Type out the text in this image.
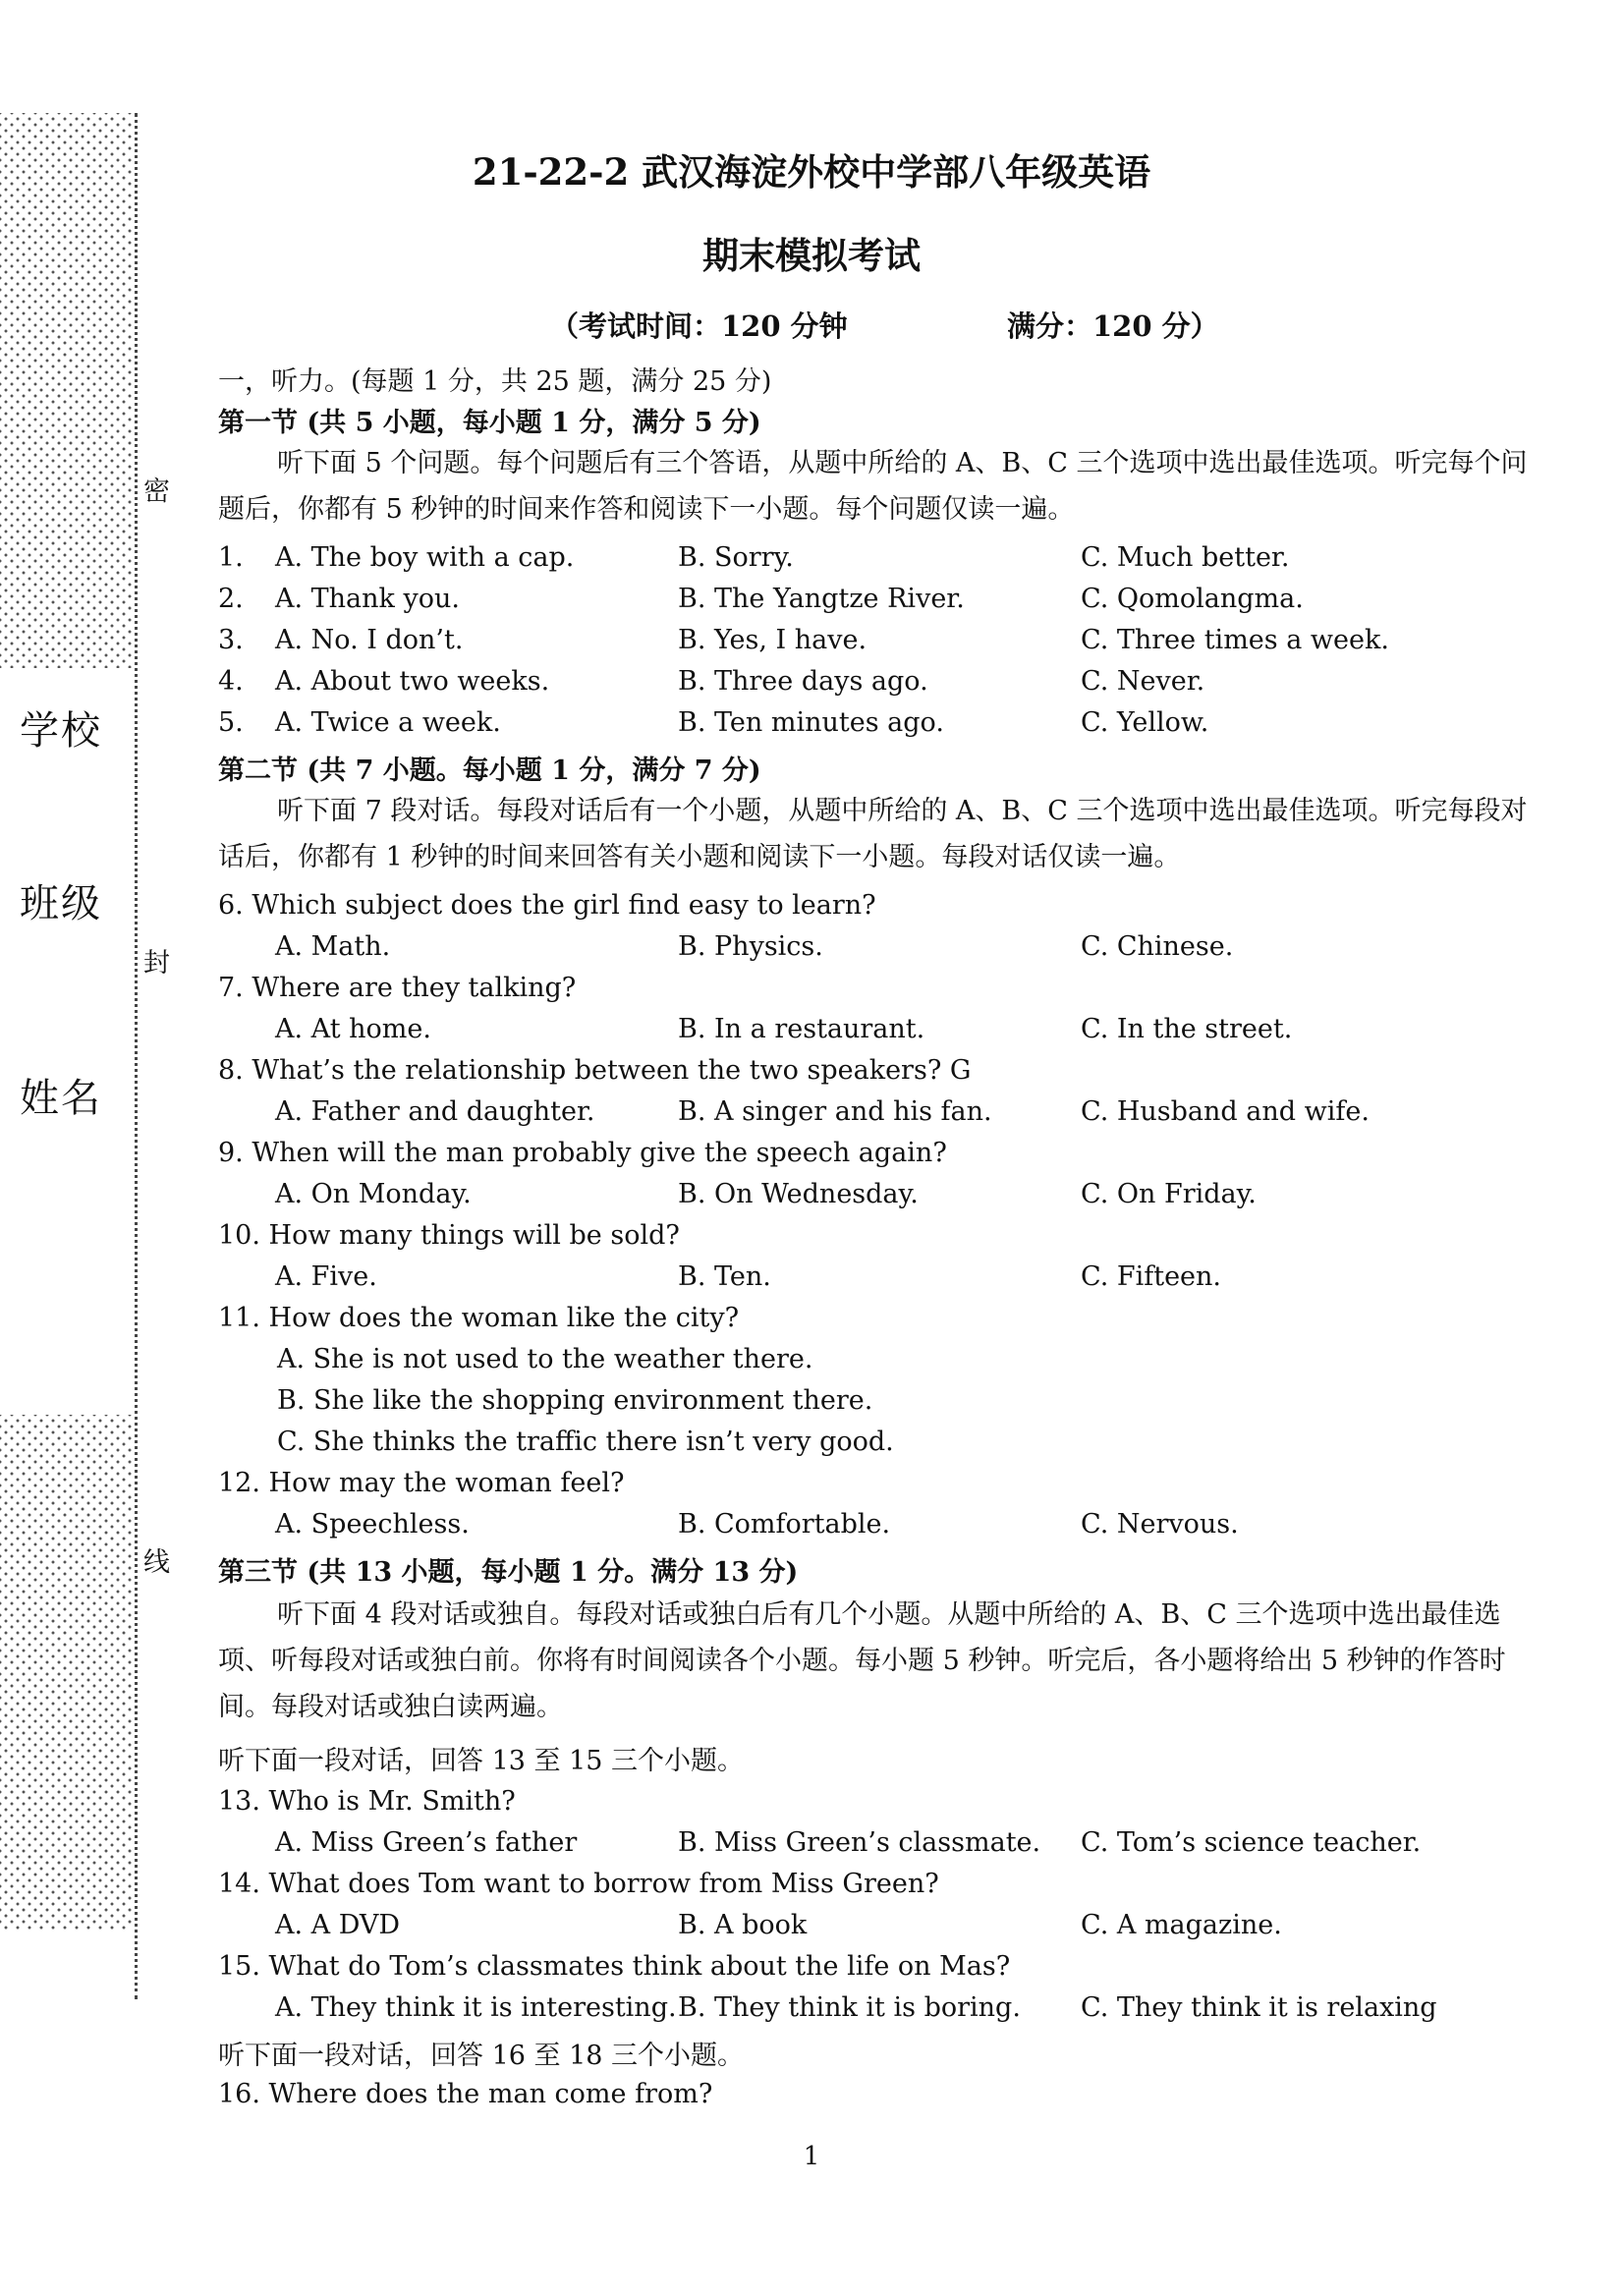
密
封
线
学校
班级
姓名
21-22-2 武汉海淀外校中学部八年级英语
期末模拟考试
（考试时间：120 分钟	满分：120 分）
一，听力。(每题 1 分，共 25 题，满分 25 分)
第一节 (共 5 小题，每小题 1 分，满分 5 分)
听下面 5 个问题。每个问题后有三个答语，从题中所给的 A、B、C 三个选项中选出最佳选项。听完每个问题后，你都有 5 秒钟的时间来作答和阅读下一小题。每个问题仅读一遍。
1. A. The boy with a cap.	B. Sorry.	C. Much better.
2. A. Thank you.	B. The Yangtze River.	C. Qomolangma.
3. A. No. I don’t.	B. Yes, I have.	C. Three times a week.
4. A. About two weeks.	B. Three days ago.	C. Never.
5. A. Twice a week.	B. Ten minutes ago.	C. Yellow.
第二节 (共 7 小题。每小题 1 分，满分 7 分)
听下面 7 段对话。每段对话后有一个小题，从题中所给的 A、B、C 三个选项中选出最佳选项。听完每段对话后，你都有 1 秒钟的时间来回答有关小题和阅读下一小题。每段对话仅读一遍。
6. Which subject does the girl find easy to learn?
A. Math.	B. Physics.	C. Chinese.
7. Where are they talking?
A. At home.	B. In a restaurant.	C. In the street.
8. What’s the relationship between the two speakers? G
A. Father and daughter.	B. A singer and his fan.	C. Husband and wife.
9. When will the man probably give the speech again?
A. On Monday.	B. On Wednesday.	C. On Friday.
10. How many things will be sold?
A. Five.	B. Ten.	C. Fifteen.
11. How does the woman like the city?
A. She is not used to the weather there.
B. She like the shopping environment there.
C. She thinks the traffic there isn’t very good.
12. How may the woman feel?
A. Speechless.	B. Comfortable.	C. Nervous.
第三节 (共 13 小题，每小题 1 分。满分 13 分)
听下面 4 段对话或独自。每段对话或独白后有几个小题。从题中所给的 A、B、C 三个选项中选出最佳选项、听每段对话或独白前。你将有时间阅读各个小题。每小题 5 秒钟。听完后，各小题将给出 5 秒钟的作答时间。每段对话或独白读两遍。
听下面一段对话，回答 13 至 15 三个小题。
13. Who is Mr. Smith?
A. Miss Green’s father	B. Miss Green’s classmate. C. Tom’s science teacher.
14. What does Tom want to borrow from Miss Green?
A. A DVD	B. A book	C. A magazine.
15. What do Tom’s classmates think about the life on Mas?
A. They think it is interesting. B. They think it is boring. C. They think it is relaxing
听下面一段对话，回答 16 至 18 三个小题。
16. Where does the man come from?
1
